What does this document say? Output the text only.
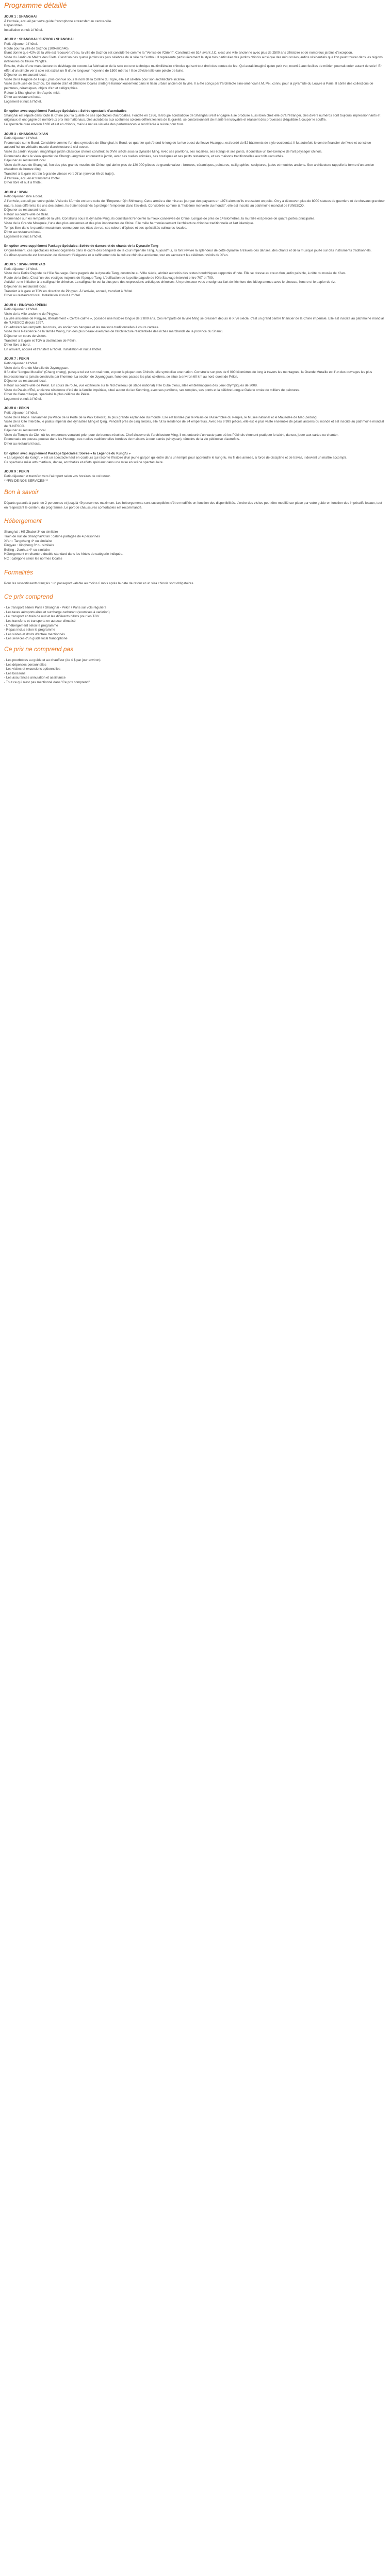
Programme détaillé

JOUR 1 : SHANGHAI

À l'arrivée, accueil par votre guide francophone et transfert au centre-ville.

Repas libres.

Installation et nuit à l'hôtel.

JOUR 2 : SHANGHAI / SUZHOU / SHANGHAI

Petit-déjeuner à l'hôtel.

Route pour la ville de Suzhou (100km/1h40).

Étant donné que 42% de la ville est recouvert d'eau, la ville de Suzhou est considérée comme la "Venise de l'Orient". Construite en 514 avant J.C, c'est une ville ancienne avec plus de 2500 ans d'histoire et de nombreux jardins d'exception.

Visite du Jardin du Maître des Filets. C'est l'un des quatre jardins les plus célèbres de la ville de Suzhou. Il représente particulièrement le style très particulier des jardins chinois ainsi que des minuscules jardins résidentiels que l'on peut trouver dans les régions inférieures du fleuve Yangtze.

Ensuite, visite d'une manufacture du dévidage de cocons.La fabrication de la soie est une technique multimillénaire chinoise qui sert tout droit des contes de fée. Qui aurait imaginé qu'un petit ver, nourri à aux feuilles de mûrier, pourrait créer autant de soie ! En effet, d'un simple ver à soie est extrait un fil d'une longueur moyenne de 1500 mètres ! Il se dévide telle une pelote de laine.

Déjeuner au restaurant local.

Visite de la Pagode de Huqiu, plus connue sous le nom de la Colline du Tigre, elle est célèbre pour son architecture inclinée.

Visite du Musée de Suzhou. Ce musée d'art et d'histoire locales s'intègre harmonieusement dans le tissu urbain ancien de la ville. Il a été conçu par l'architecte sino-américain I.M. Pei, connu pour la pyramide du Louvre à Paris. Il abrite des collections de peintures, céramiques, objets d'art et calligraphies.

Retour à Shanghai en fin d'après-midi.

Dîner au restaurant local.

Logement et nuit à l'hôtel.

En option avec supplément Package Spéciales : Soirée spectacle d'acrobaties

Shanghai est réputé dans toute la Chine pour la qualité de ses spectacles d'acrobaties. Fondée en 1956, la troupe acrobatique de Shanghai s'est engagée à se produire aussi bien chez elle qu'à l'étranger. Ses divers numéros sont toujours impressionnants et originaux et ont gagné de nombreux prix internationaux. Des acrobates aux costumes colorés défient les lois de la gravité, se contorsionnent de manière incroyable et réalisent des prouesses d'équilibre à couper le souffle.

Le spectacle dure environ 1h30 et est en chinois, mais la nature visuelle des performances le rend facile à suivre pour tous.

JOUR 3 : SHANGHAI / XI'AN

Petit-déjeuner à l'hôtel.

Promenade sur le Bund. Considéré comme l'un des symboles de Shanghai, le Bund, ce quartier qui s'étend le long de la rive ouest du fleuve Huangpu, est bordé de 52 bâtiments de style occidental. Il fut autrefois le centre financier de l'Asie et constitue aujourd'hui un véritable musée d'architecture à ciel ouvert.

Visite du Jardin Yuyuan, magnifique jardin classique chinois construit au XVIe siècle sous la dynastie Ming. Avec ses pavillons, ses rocailles, ses étangs et ses ponts, il constitue un bel exemple de l'art paysager chinois.

Promenade dans le vieux quartier de Chenghuangmiao entourant le jardin, avec ses ruelles animées, ses boutiques et ses petits restaurants, et ses maisons traditionnelles aux toits recourbés.

Déjeuner au restaurant local.

Visite du Musée de Shanghai, l'un des plus grands musées de Chine, qui abrite plus de 120 000 pièces de grande valeur : bronzes, céramiques, peintures, calligraphies, sculptures, jades et meubles anciens. Son architecture rappelle la forme d'un ancien chaudron de bronze ding.

Transfert à la gare et train à grande vitesse vers Xi'an (environ 6h de trajet).

À l'arrivée, accueil et transfert à l'hôtel.

Dîner libre et nuit à l'hôtel.

JOUR 4 : XI'AN

Petit-déjeuner libre à bord.

À l'arrivée, accueil par votre guide. Visite de l'Armée en terre cuite de l'Empereur Qin Shihuang. Cette armée a été mise au jour par des paysans en 1974 alors qu'ils creusaient un puits. On y a découvert plus de 8000 statues de guerriers et de chevaux grandeur nature, tous différents les uns des autres. Ils étaient destinés à protéger l'empereur dans l'au-delà. Considérée comme la "huitième merveille du monde", elle est inscrite au patrimoine mondial de l'UNESCO.

Déjeuner au restaurant local.

Retour au centre-ville de Xi'an.

Promenade sur les remparts de la ville. Construits sous la dynastie Ming, ils constituent l'enceinte la mieux conservée de Chine. Longue de près de 14 kilomètres, la muraille est percée de quatre portes principales.

Visite de la Grande Mosquée, l'une des plus anciennes et des plus importantes de Chine. Elle mêle harmonieusement l'architecture chinoise traditionnelle et l'art islamique.

Temps libre dans le quartier musulman, connu pour ses étals de rue, ses odeurs d'épices et ses spécialités culinaires locales.

Dîner au restaurant local.

Logement et nuit à l'hôtel.

En option avec supplément Package Spéciales: Soirée de danses et de chants de la Dynastie Tang

Originellement, ces spectacles étaient organisés dans le cadre des banquets de la cour impériale Tang. Aujourd'hui, ils font revivre la splendeur de cette dynastie à travers des danses, des chants et de la musique jouée sur des instruments traditionnels.

Ce dîner-spectacle est l'occasion de découvrir l'élégance et le raffinement de la culture chinoise ancienne, tout en savourant les célèbres raviolis de Xi'an.

JOUR 5 : XI'AN / PINGYAO

Petit-déjeuner à l'hôtel.

Visite de la Petite Pagode de l'Oie Sauvage. Cette pagode de la dynastie Tang, construite au VIIIe siècle, abritait autrefois des textes bouddhiques rapportés d'Inde. Elle se dresse au cœur d'un jardin paisible, à côté du musée de Xi'an.

Route de la Soie. C'est l'un des vestiges majeurs de l'époque Tang. L'édification de la petite pagode de l'Oie Sauvage intervint entre 707 et 709.

Activité : une initiation à la calligraphie chinoise. La calligraphie est la plus pure des expressions artistiques chinoises. Un professeur vous enseignera l'art de l'écriture des idéogrammes avec le pinceau, l'encre et le papier de riz.

Déjeuner au restaurant local.

Transfert à la gare et TGV en direction de Pingyao. À l'arrivée, accueil, transfert à l'hôtel.

Dîner au restaurant local. Installation et nuit à l'hôtel.

JOUR 6 : PINGYAO / PEKIN

Petit-déjeuner à l'hôtel.

Visite de la ville ancienne de Pingyao.

La ville ancienne de Pingyao, littéralement « Cerfde calme », possède une histoire longue de 2 800 ans. Ces remparts de la ville Ming se dressent depuis le XIVe siècle, c'est un grand centre financier de la Chine impériale. Elle est inscrite au patrimoine mondial de l'UNESCO depuis 1997.

On admirera les remparts, les tours, les anciennes banques et les maisons traditionnelles à cours carrées.

Visite de la Résidence de la famille Wang, l'un des plus beaux exemples de l'architecture résidentielle des riches marchands de la province du Shanxi.

Déjeuner en cours de visites.

Transfert à la gare et TGV à destination de Pékin.

Dîner libre à bord.

En arrivant, accueil et transfert à l'hôtel. Installation et nuit à l'hôtel.

JOUR 7 : PEKIN

Petit-déjeuner à l'hôtel.

Visite de la Grande Muraille de Juyongguan.

Il fut dite "Longue Muraille" (Chang cheng), puisque tel est son vrai nom, et pour la plupart des Chinois, elle symbolise une nation. Construite sur plus de 6 000 kilomètres de long à travers les montagnes, la Grande Muraille est l'un des ouvrages les plus impressionnants jamais construits par l'homme. La section de Juyongguan, l'une des passes les plus célèbres, se situe à environ 60 km au nord-ouest de Pékin.

Déjeuner au restaurant local.

Retour au centre-ville de Pékin. En cours de route, vue extérieure sur le Nid d'oiseau (le stade national) et le Cube d'eau, sites emblématiques des Jeux Olympiques de 2008.

Visite du Palais d'Été, ancienne résidence d'été de la famille impériale, situé autour du lac Kunming, avec ses pavillons, ses temples, ses ponts et la célèbre Longue Galerie ornée de milliers de peintures.

Dîner de Canard laqué, spécialité la plus célèbre de Pékin.

Logement et nuit à l'hôtel.

JOUR 8 : PEKIN

Petit-déjeuner à l'hôtel.

Visite de la Place Tian'anmen (la Place de la Porte de la Paix Céleste), la plus grande esplanade du monde. Elle est bordée par le Palais de l'Assemblée du Peuple, le Musée national et le Mausolée de Mao Zedong.

Visite de la Cité Interdite, le palais impérial des dynasties Ming et Qing. Pendant près de cinq siècles, elle fut la résidence de 24 empereurs. Avec ses 9 999 pièces, elle est le plus vaste ensemble de palais anciens du monde et est inscrite au patrimoine mondial de l'UNESCO.

Déjeuner au restaurant local.

Visite du Temple du Ciel, où les empereurs venaient prier pour de bonnes récoltes. Chef-d'œuvre de l'architecture Ming, il est entouré d'un vaste parc où les Pékinois viennent pratiquer le taichi, danser, jouer aux cartes ou chanter.

Promenade en pousse-pousse dans les Hutongs, ces ruelles traditionnelles bordées de maisons à cour carrée (siheyuan), témoins de la vie pékinoise d'autrefois.

Dîner au restaurant local.

En option avec supplément Package Spéciales: Soirée « la Légende du Kungfu »

« La Légende du Kungfu » est un spectacle haut en couleurs qui raconte l'histoire d'un jeune garçon qui entre dans un temple pour apprendre le kung-fu. Au fil des années, à force de discipline et de travail, il devient un maître accompli.

Ce spectacle mêle arts martiaux, danse, acrobaties et effets spéciaux dans une mise en scène spectaculaire.

JOUR 9 : PEKIN

Petit-déjeuner et transfert vers l'aéroport selon vos horaires de vol retour.

***FIN DE NOS SERVICES***

Bon à savoir

Départs garantis à partir de 2 personnes et jusqu'à 49 personnes maximum. Les hébergements sont susceptibles d'être modifiés en fonction des disponibilités. L'ordre des visites peut être modifié sur place par votre guide en fonction des impératifs locaux, tout en respectant le contenu du programme. Le port de chaussures confortables est recommandé.

Hébergement

Shanghai : HE Zhabei 3* ou similaire

Train de nuit de Shanghai/Xi'an : cabine partagée de 4 personnes

Xi'an : Tangcheng 4* ou similaire

Pingyao : Xinghong 3* ou similaire

Beijing : Jianhua 4* ou similaire

Hébergement en chambre double standard dans les hôtels de catégorie indiquée.

NC : catégorie selon les normes locales

Formalités

Pour les ressortissants français : un passeport valable au moins 6 mois après la date de retour et un visa chinois sont obligatoires.

Ce prix comprend

- Le transport aérien Paris / Shanghai - Pékin / Paris sur vols réguliers

- Les taxes aéroportuaires et surcharge carburant (soumises à variation)

- Le transport en train de nuit et les différents billets pour les TGV

- Les transferts et transports en autocar climatisé

- L'hébergement selon le programme

- Repas inclus selon le programme

- Les visites et droits d'entrée mentionnés

- Les services d'un guide local francophone

Ce prix ne comprend pas

- Les pourboires au guide et au chauffeur (de 4 $ par jour environ)

- Les dépenses personnelles

- Les visites et excursions optionnelles

- Les boissons

- Les assurances annulation et assistance

- Tout ce qui n'est pas mentionné dans "Ce prix comprend"
